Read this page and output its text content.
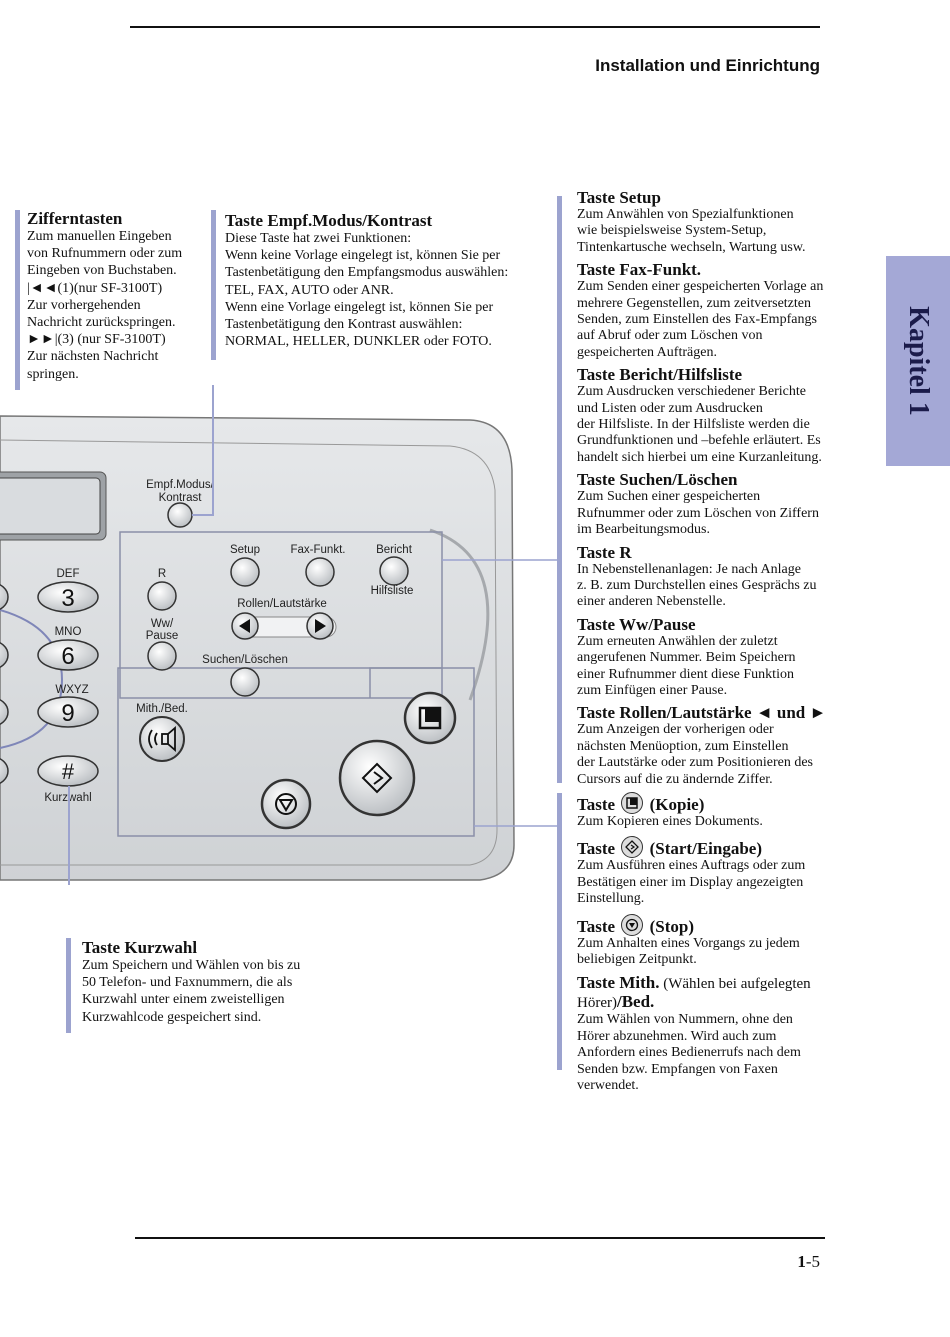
Installation und Einrichtung
Kapitel 1
Empf.Modus/
Kontrast
Setup	Fax-Funkt.	Bericht
Hilfsliste
R
Rollen/Lautstärke
Ww/
Pause
Suchen/Löschen
DEF
3
MNO
6
WXYZ
9
#
Kurzwahl
Mith./Bed.
Zifferntasten

Zum manuellen Eingeben

von Rufnummern oder zum

Eingeben von Buchstaben.

|◄◄(1)(nur SF-3100T)

Zur vorhergehenden

Nachricht zurückspringen.

►►|(3) (nur SF-3100T)

Zur nächsten Nachricht

springen.

Taste Empf.Modus/Kontrast

Diese Taste hat zwei Funktionen:

Wenn keine Vorlage eingelegt ist, können Sie per

Tastenbetätigung den Empfangsmodus auswählen:

TEL, FAX, AUTO oder ANR.

Wenn eine Vorlage eingelegt ist, können Sie per

Tastenbetätigung den Kontrast auswählen:

NORMAL, HELLER, DUNKLER oder FOTO.

Taste Kurzwahl

Zum Speichern und Wählen von bis zu

50 Telefon- und Faxnummern, die als

Kurzwahl unter einem zweistelligen

Kurzwahlcode gespeichert sind.

Taste Setup

Zum Anwählen von Spezialfunktionen

wie beispielsweise System-Setup,

Tintenkartusche wechseln, Wartung usw.

Taste Fax-Funkt.

Zum Senden einer gespeicherten Vorlage an

mehrere Gegenstellen, zum zeitversetzten

Senden, zum Einstellen des Fax-Empfangs

auf Abruf oder zum Löschen von

gespeicherten Aufträgen.

Taste Bericht/Hilfsliste

Zum Ausdrucken verschiedener Berichte

und Listen oder zum Ausdrucken

der Hilfsliste. In der Hilfsliste werden die

Grundfunktionen und –befehle erläutert. Es

handelt sich hierbei um eine Kurzanleitung.

Taste Suchen/Löschen

Zum Suchen einer gespeicherten

Rufnummer oder zum Löschen von Ziffern

im Bearbeitungsmodus.

Taste R

In Nebenstellenanlagen: Je nach Anlage

z. B. zum Durchstellen eines Gesprächs zu

einer anderen Nebenstelle.

Taste Ww/Pause

Zum erneuten Anwählen der zuletzt

angerufenen Nummer. Beim Speichern

einer Rufnummer dient diese Funktion

zum Einfügen einer Pause.

Taste Rollen/Lautstärke ◄ und ►

Zum Anzeigen der vorherigen oder

nächsten Menüoption, zum Einstellen

der Lautstärke oder zum Positionieren des

Cursors auf die zu ändernde Ziffer.

Taste (Kopie)

Zum Kopieren eines Dokuments.

Taste (Start/Eingabe)

Zum Ausführen eines Auftrags oder zum

Bestätigen einer im Display angezeigten

Einstellung.

Taste (Stop)

Zum Anhalten eines Vorgangs zu jedem

beliebigen Zeitpunkt.

Taste Mith. (Wählen bei aufgelegten
Hörer)/Bed.

Zum Wählen von Nummern, ohne den

Hörer abzunehmen. Wird auch zum

Anfordern eines Bedienerrufs nach dem

Senden bzw. Empfangen von Faxen

verwendet.

1-5
